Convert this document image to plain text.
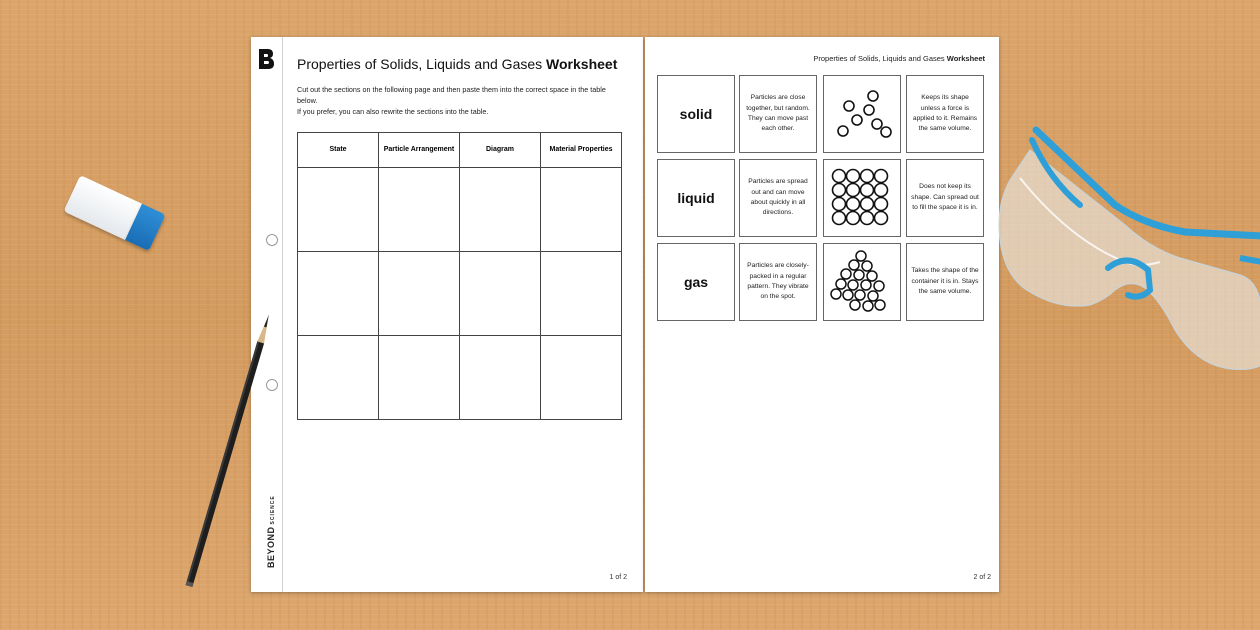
BEYONDSCIENCE
Properties of Solids, Liquids and Gases Worksheet
Cut out the sections on the following page and then paste them into the correct space in the table below.
If you prefer, you can also rewrite the sections into the table.
State	Particle Arrangement	Diagram	Material Properties

1 of 2
Properties of Solids, Liquids and Gases Worksheet
solid
Particles are close together, but random. They can move past each other.
Keeps its shape unless a force is applied to it. Remains the same volume.
liquid
Particles are spread out and can move about quickly in all directions.
Does not keep its shape. Can spread out to fill the space it is in.
gas
Particles are closely-packed in a regular pattern. They vibrate on the spot.
Takes the shape of the container it is in. Stays the same volume.
2 of 2
